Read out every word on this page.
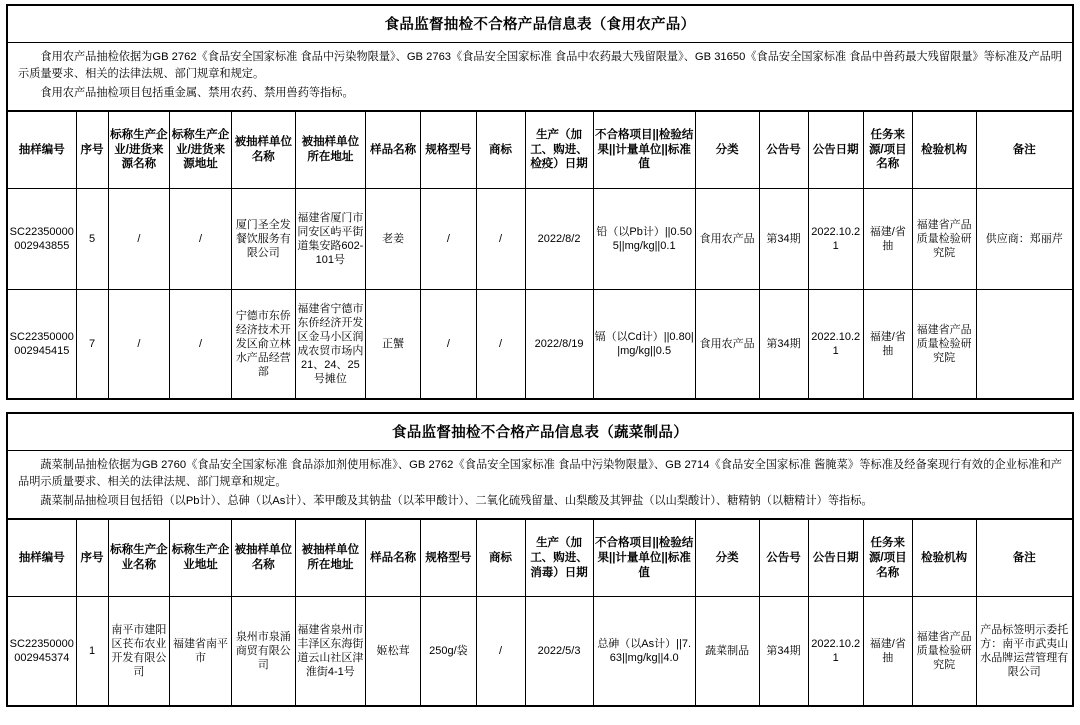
食品监督抽检不合格产品信息表（食用农产品）

食用农产品抽检依据为GB 2762《食品安全国家标准 食品中污染物限量》、GB 2763《食品安全国家标准 食品中农药最大残留限量》、GB 31650《食品安全国家标准 食品中兽药最大残留限量》等标准及产品明示质量要求、相关的法律法规、部门规章和规定。

食用农产品抽检项目包括重金属、禁用农药、禁用兽药等指标。

抽样编号	序号	标称生产企业/进货来源名称	标称生产企业/进货来源地址	被抽样单位名称	被抽样单位所在地址	样品名称	规格型号	商标	生产（加工、购进、检疫）日期	不合格项目||检验结果||计量单位||标准值	分类	公告号	公告日期	任务来源/项目名称	检验机构	备注
SC22350000002943855	5	/	/	厦门圣全发餐饮服务有限公司	福建省厦门市同安区屿平街道集安路602-101号	老姜	/	/	2022/8/2	铅（以Pb计）||0.505||mg/kg||0.1	食用农产品	第34期	2022.10.21	福建/省抽	福建省产品质量检验研究院	供应商：郑丽芹
SC22350000002945415	7	/	/	宁德市东侨经济技术开发区俞立林水产品经营部	福建省宁德市东侨经济开发区金马小区润成农贸市场内21、24、25号摊位	正蟹	/	/	2022/8/19	镉（以Cd计）||0.80||mg/kg||0.5	食用农产品	第34期	2022.10.21	福建/省抽	福建省产品质量检验研究院	
食品监督抽检不合格产品信息表（蔬菜制品）

蔬菜制品抽检依据为GB 2760《食品安全国家标准 食品添加剂使用标准》、GB 2762《食品安全国家标准 食品中污染物限量》、GB 2714《食品安全国家标准 酱腌菜》等标准及经备案现行有效的企业标准和产品明示质量要求、相关的法律法规、部门规章和规定。

蔬菜制品抽检项目包括铅（以Pb计）、总砷（以As计）、苯甲酸及其钠盐（以苯甲酸计）、二氧化硫残留量、山梨酸及其钾盐（以山梨酸计）、糖精钠（以糖精计）等指标。

抽样编号	序号	标称生产企业名称	标称生产企业地址	被抽样单位名称	被抽样单位所在地址	样品名称	规格型号	商标	生产（加工、购进、消毒）日期	不合格项目||检验结果||计量单位||标准值	分类	公告号	公告日期	任务来源/项目名称	检验机构	备注
SC22350000002945374	1	南平市建阳区苌布农业开发有限公司	福建省南平市	泉州市泉涌商贸有限公司	福建省泉州市丰泽区东海街道云山社区津淮街4-1号	姬松茸	250g/袋	/	2022/5/3	总砷（以As计）||7.63||mg/kg||4.0	蔬菜制品	第34期	2022.10.21	福建/省抽	福建省产品质量检验研究院	产品标签明示委托方：南平市武夷山水品牌运营管理有限公司
